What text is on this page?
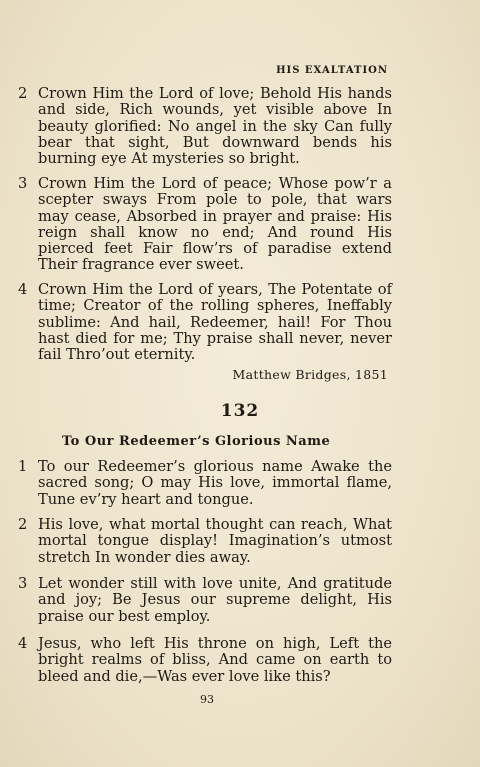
HIS EXALTATION
2 Crown Him the Lord of love; Behold His hands and side, Rich wounds, yet visible above In beauty glorified: No angel in the sky Can fully bear that sight, But downward bends his burning eye At mysteries so bright.
3 Crown Him the Lord of peace; Whose pow’r a scepter sways From pole to pole, that wars may cease, Absorbed in prayer and praise: His reign shall know no end; And round His pierced feet Fair flow’rs of paradise extend Their fragrance ever sweet.
4 Crown Him the Lord of years, The Potentate of time; Creator of the rolling spheres, Ineffably sublime: And hail, Redeemer, hail! For Thou hast died for me; Thy praise shall never, never fail Thro’out eternity.
Matthew Bridges, 1851
132
To Our Redeemer’s Glorious Name
1 To our Redeemer’s glorious name Awake the sacred song; O may His love, immortal flame, Tune ev’ry heart and tongue.
2 His love, what mortal thought can reach, What mortal tongue display! Imagination’s utmost stretch In wonder dies away.
3 Let wonder still with love unite, And gratitude and joy; Be Jesus our supreme delight, His praise our best employ.
4 Jesus, who left His throne on high, Left the bright realms of bliss, And came on earth to bleed and die,—Was ever love like this?
93
